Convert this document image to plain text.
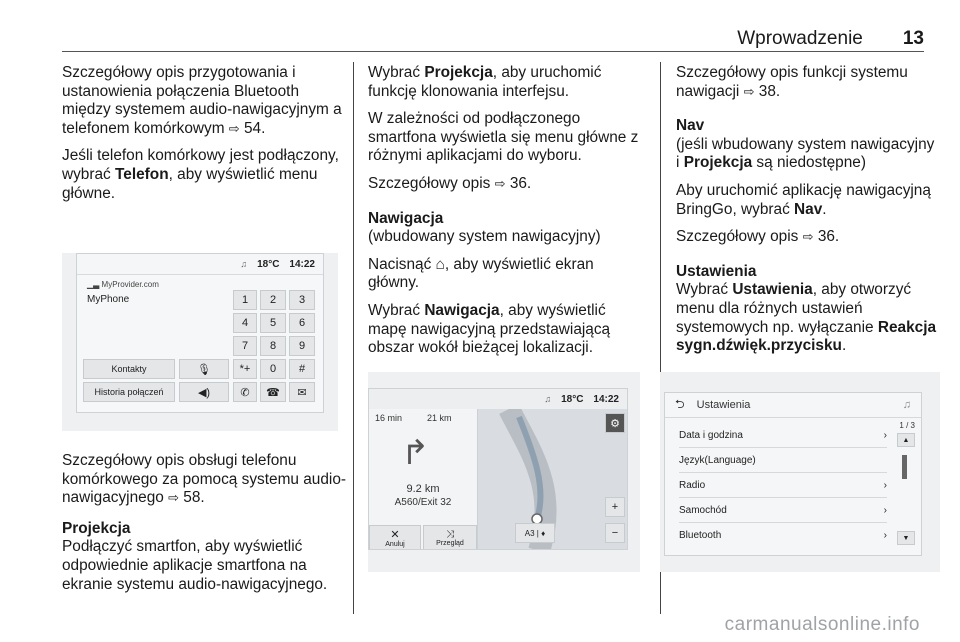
Wprowadzenie 13

Szczegółowy opis przygotowania i ustanowienia połączenia Bluetooth między systemem audio-nawigacyjnym a telefonem komórkowym ⇨ 54.

Jeśli telefon komórkowy jest podłączony, wybrać Telefon, aby wyświetlić menu główne.

♫ 18°C 14:22
▁▃ MyProvider.com
MyPhone	1	2	3
4	5	6
7	8	9
*+	0	#
Kontakty	🎙
Historia połączeń	◀)	✆	☎	✉

Szczegółowy opis obsługi telefonu komórkowego za pomocą systemu audio-nawigacyjnego ⇨ 58.

Projekcja

Podłączyć smartfon, aby wyświetlić odpowiednie aplikacje smartfona na ekranie systemu audio-nawigacyjnego.

Wybrać Projekcja, aby uruchomić funkcję klonowania interfejsu.

W zależności od podłączonego smartfona wyświetla się menu główne z różnymi aplikacjami do wyboru.

Szczegółowy opis ⇨ 36.

Nawigacja

(wbudowany system nawigacyjny)

Nacisnąć ⌂, aby wyświetlić ekran główny.

Wybrać Nawigacja, aby wyświetlić mapę nawigacyjną przedstawiającą obszar wokół bieżącej lokalizacji.

♫ 18°C 14:22
16 min	21 km
↱
9.2 km
A560/Exit 32
✕
Anuluj
⤨
Przegląd
⚙
+
−
A3 | ♦

Szczegółowy opis funkcji systemu nawigacji ⇨ 38.

Nav

(jeśli wbudowany system nawigacyjny i Projekcja są niedostępne)

Aby uruchomić aplikację nawigacyjną BringGo, wybrać Nav.

Szczegółowy opis ⇨ 36.

Ustawienia

Wybrać Ustawienia, aby otworzyć menu dla różnych ustawień systemowych np. wyłączanie Reakcja sygn.dźwięk.przycisku.

⮌ Ustawienia	♫
Data i godzina	›
Język(Language)
Radio	›
Samochód	›
Bluetooth	›
1 / 3
▲
▼
carmanualsonline.info
